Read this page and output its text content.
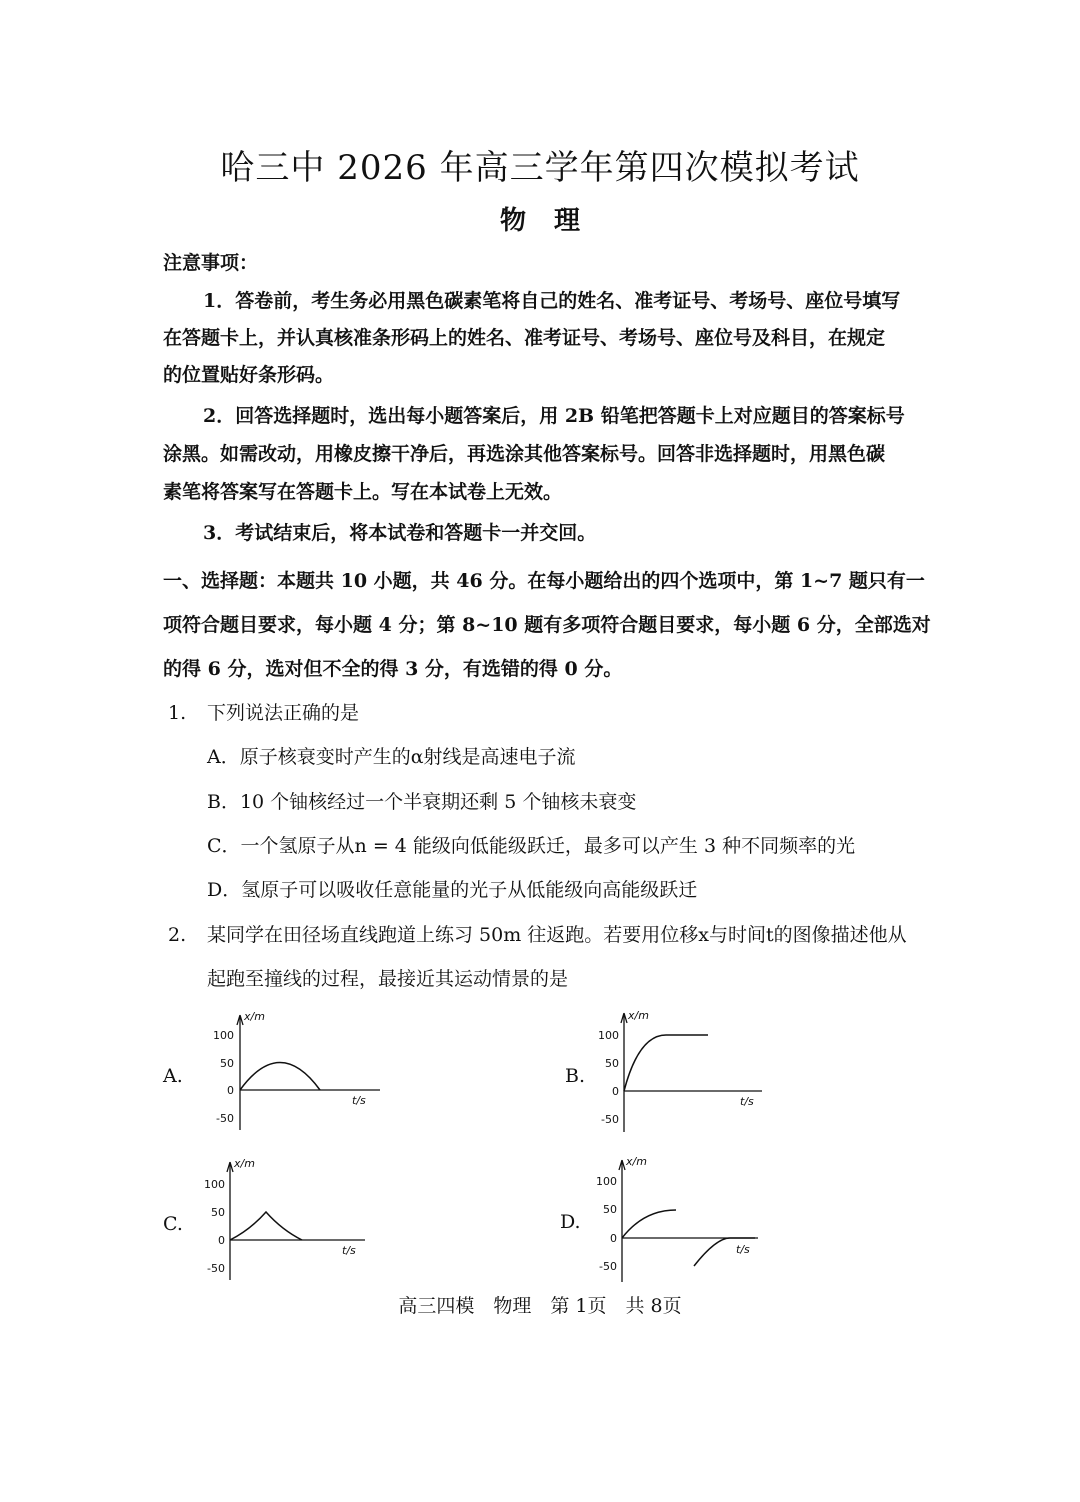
哈三中 2026 年高三学年第四次模拟考试
物理
注意事项：
1．答卷前，考生务必用黑色碳素笔将自己的姓名、准考证号、考场号、座位号填写
在答题卡上，并认真核准条形码上的姓名、准考证号、考场号、座位号及科目，在规定
的位置贴好条形码。
2．回答选择题时，选出每小题答案后，用 2B 铅笔把答题卡上对应题目的答案标号
涂黑。如需改动，用橡皮擦干净后，再选涂其他答案标号。回答非选择题时，用黑色碳
素笔将答案写在答题卡上。写在本试卷上无效。
3．考试结束后，将本试卷和答题卡一并交回。
一、选择题：本题共 10 小题，共 46 分。在每小题给出的四个选项中，第 1~7 题只有一
项符合题目要求，每小题 4 分；第 8~10 题有多项符合题目要求，每小题 6 分，全部选对
的得 6 分，选对但不全的得 3 分，有选错的得 0 分。
1. 下列说法正确的是
A．原子核衰变时产生的α射线是高速电子流
B．10 个铀核经过一个半衰期还剩 5 个铀核未衰变
C．一个氢原子从n = 4 能级向低能级跃迁，最多可以产生 3 种不同频率的光
D．氢原子可以吸收任意能量的光子从低能级向高能级跃迁
2. 某同学在田径场直线跑道上练习 50m 往返跑。若要用位移x与时间t的图像描述他从
起跑至撞线的过程，最接近其运动情景的是
A.	B.
C.	D.
x/m
t/s
100
50
0
-50
x/m
t/s
100
50
0
-50
x/m
t/s
100
50
0
-50
x/m
t/s
100
50
0
-50
高三四模　物理　第 1页　共 8页
